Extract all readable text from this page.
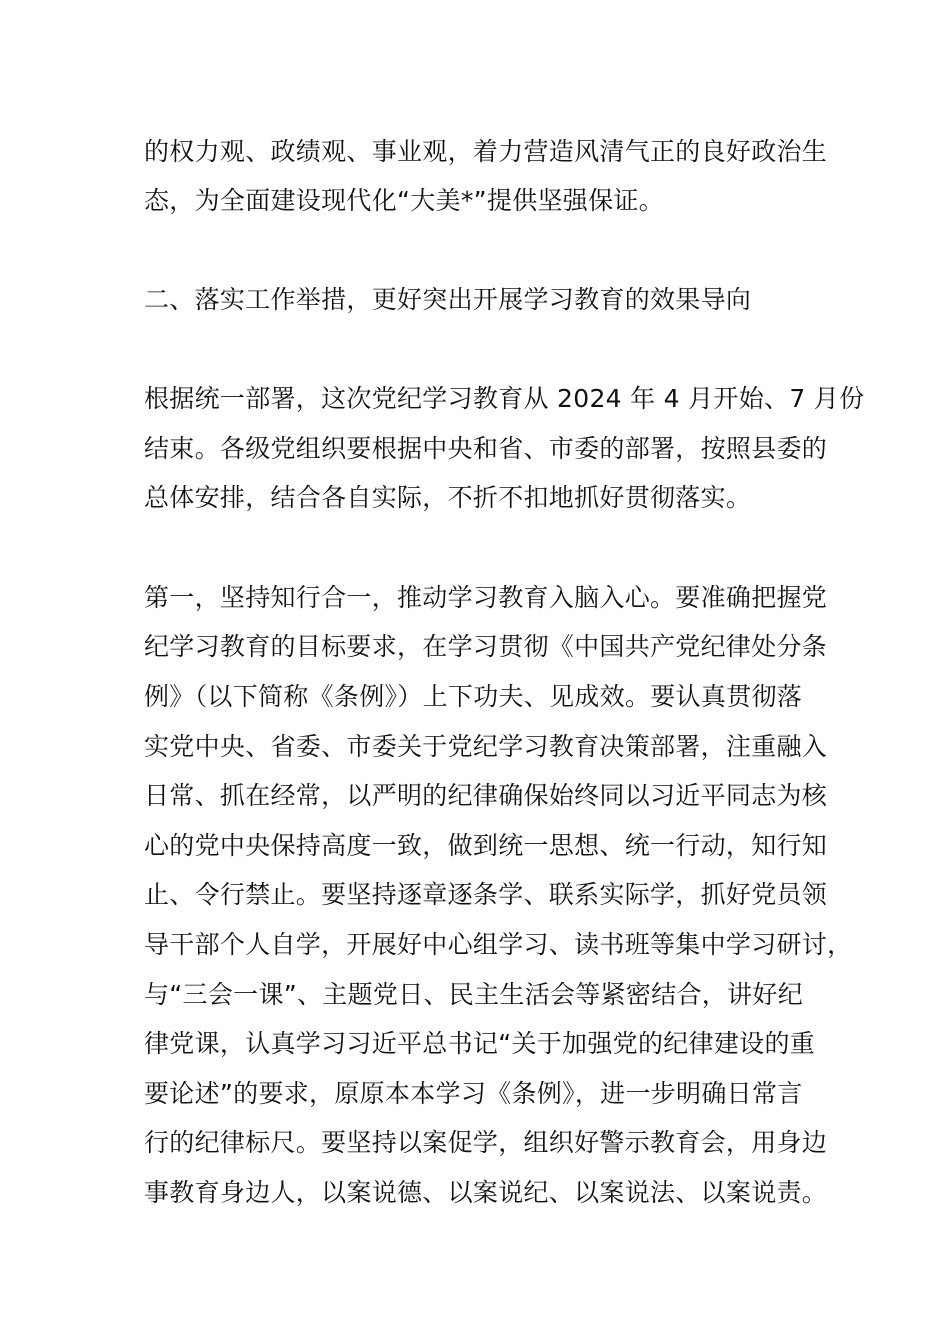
的权力观、政绩观、事业观，着力营造风清气正的良好政治生
态，为全面建设现代化“大美*”提供坚强保证。
二、落实工作举措，更好突出开展学习教育的效果导向
根据统一部署，这次党纪学习教育从 2024 年 4 月开始、7 月份
结束。各级党组织要根据中央和省、市委的部署，按照县委的
总体安排，结合各自实际，不折不扣地抓好贯彻落实。
第一，坚持知行合一，推动学习教育入脑入心。要准确把握党
纪学习教育的目标要求，在学习贯彻《中国共产党纪律处分条
例》（以下简称《条例》）上下功夫、见成效。要认真贯彻落
实党中央、省委、市委关于党纪学习教育决策部署，注重融入
日常、抓在经常，以严明的纪律确保始终同以习近平同志为核
心的党中央保持高度一致，做到统一思想、统一行动，知行知
止、令行禁止。要坚持逐章逐条学、联系实际学，抓好党员领
导干部个人自学，开展好中心组学习、读书班等集中学习研讨，
与“三会一课”、主题党日、民主生活会等紧密结合，讲好纪
律党课，认真学习习近平总书记“关于加强党的纪律建设的重
要论述”的要求，原原本本学习《条例》，进一步明确日常言
行的纪律标尺。要坚持以案促学，组织好警示教育会，用身边
事教育身边人，以案说德、以案说纪、以案说法、以案说责。
